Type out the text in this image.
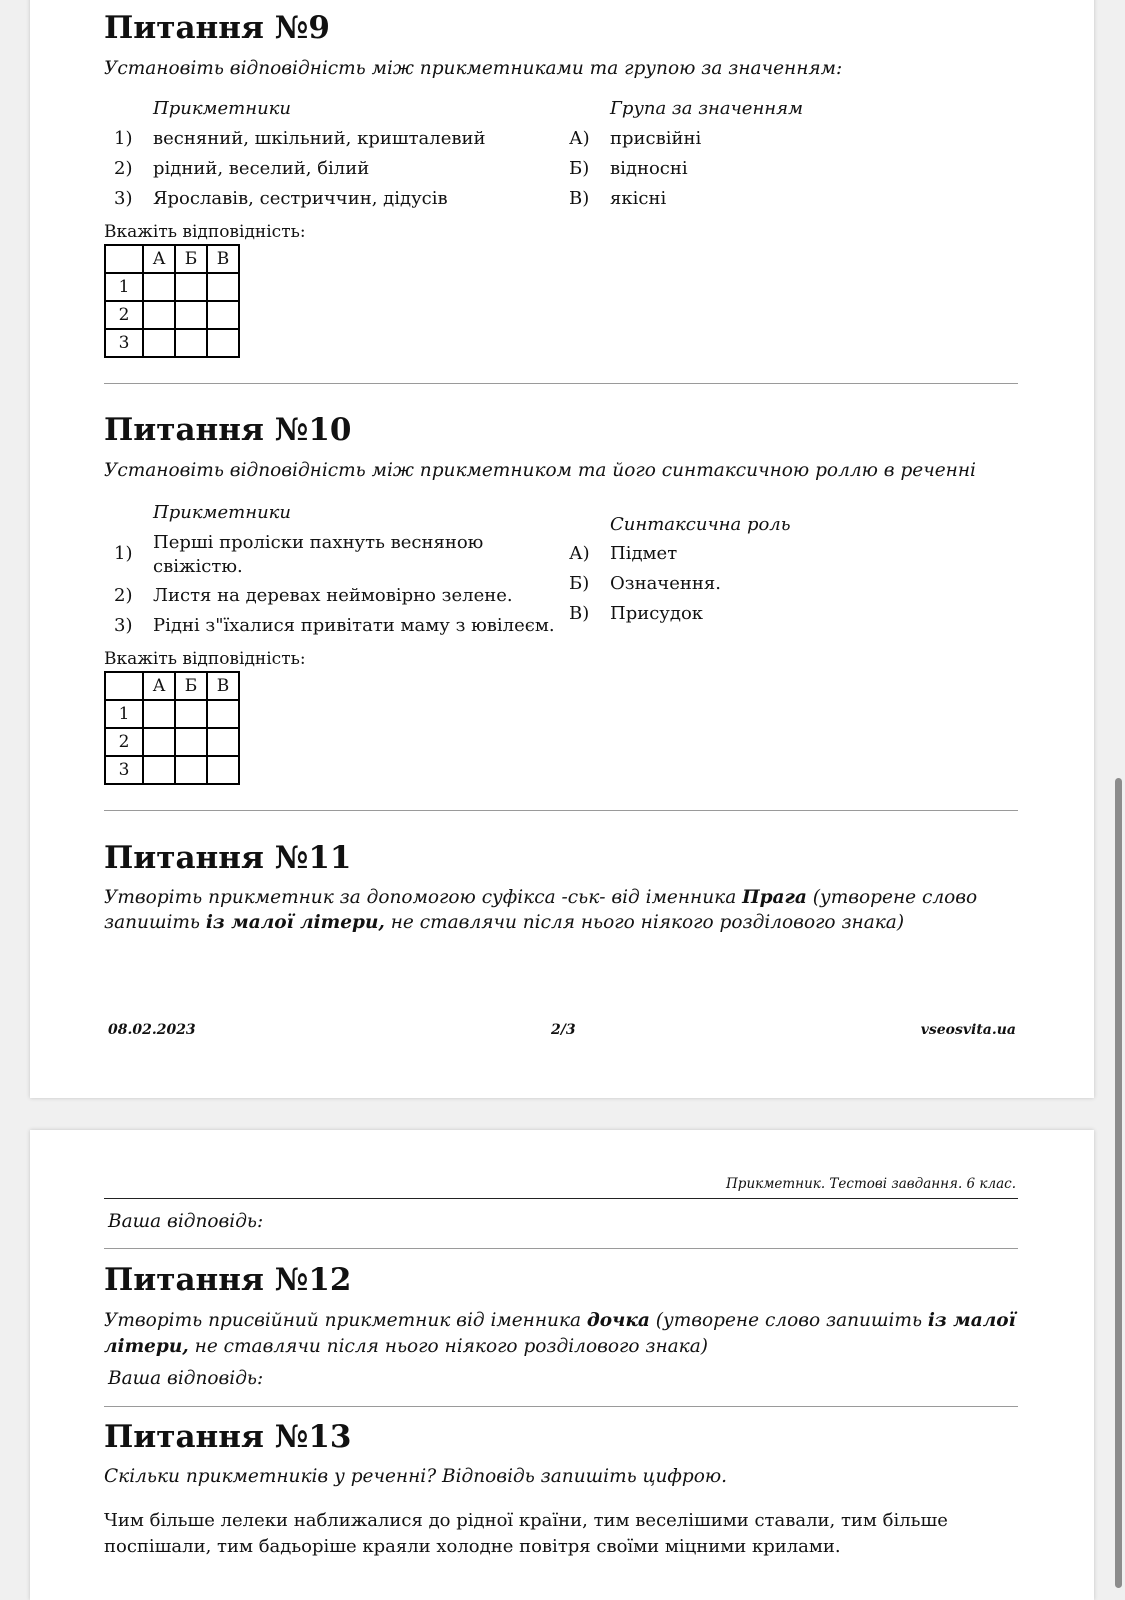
Питання №9
Установіть відповідність між прикметниками та групою за значенням:
Прикметники	Група за значенням
1) весняний, шкільний, кришталевий
2) рідний, веселий, білий
3) Ярославів, сестриччин, дідусів
А) присвійні
Б) відносні
В) якісні
Вкажіть відповідність:
	А	Б	В
1			
2			
3			
Питання №10
Установіть відповідність між прикметником та його синтаксичною роллю в реченні
Прикметники
Синтаксична роль
1)
Перші проліски пахнуть весняною
свіжістю.
2) Листя на деревах неймовірно зелене.
3) Рідні з"їхалися привітати маму з ювілеєм.
А) Підмет
Б) Означення.
В) Присудок
Вкажіть відповідність:
	А	Б	В
1			
2			
3			
Питання №11
Утворіть прикметник за допомогою суфікса -ськ- від іменника Прага (утворене слово
запишіть із малої літери, не ставлячи після нього ніякого розділового знака)
08.02.2023	2/3	vseosvita.ua
Прикметник. Тестові завдання. 6 клас.
Ваша відповідь:
Питання №12
Утворіть присвійний прикметник від іменника дочка (утворене слово запишіть із малої
літери, не ставлячи після нього ніякого розділового знака)
Ваша відповідь:
Питання №13
Скільки прикметників у реченні? Відповідь запишіть цифрою.
Чим більше лелеки наближалися до рідної країни, тим веселішими ставали, тим більше
поспішали, тим бадьоріше краяли холодне повітря своїми міцними крилами.
